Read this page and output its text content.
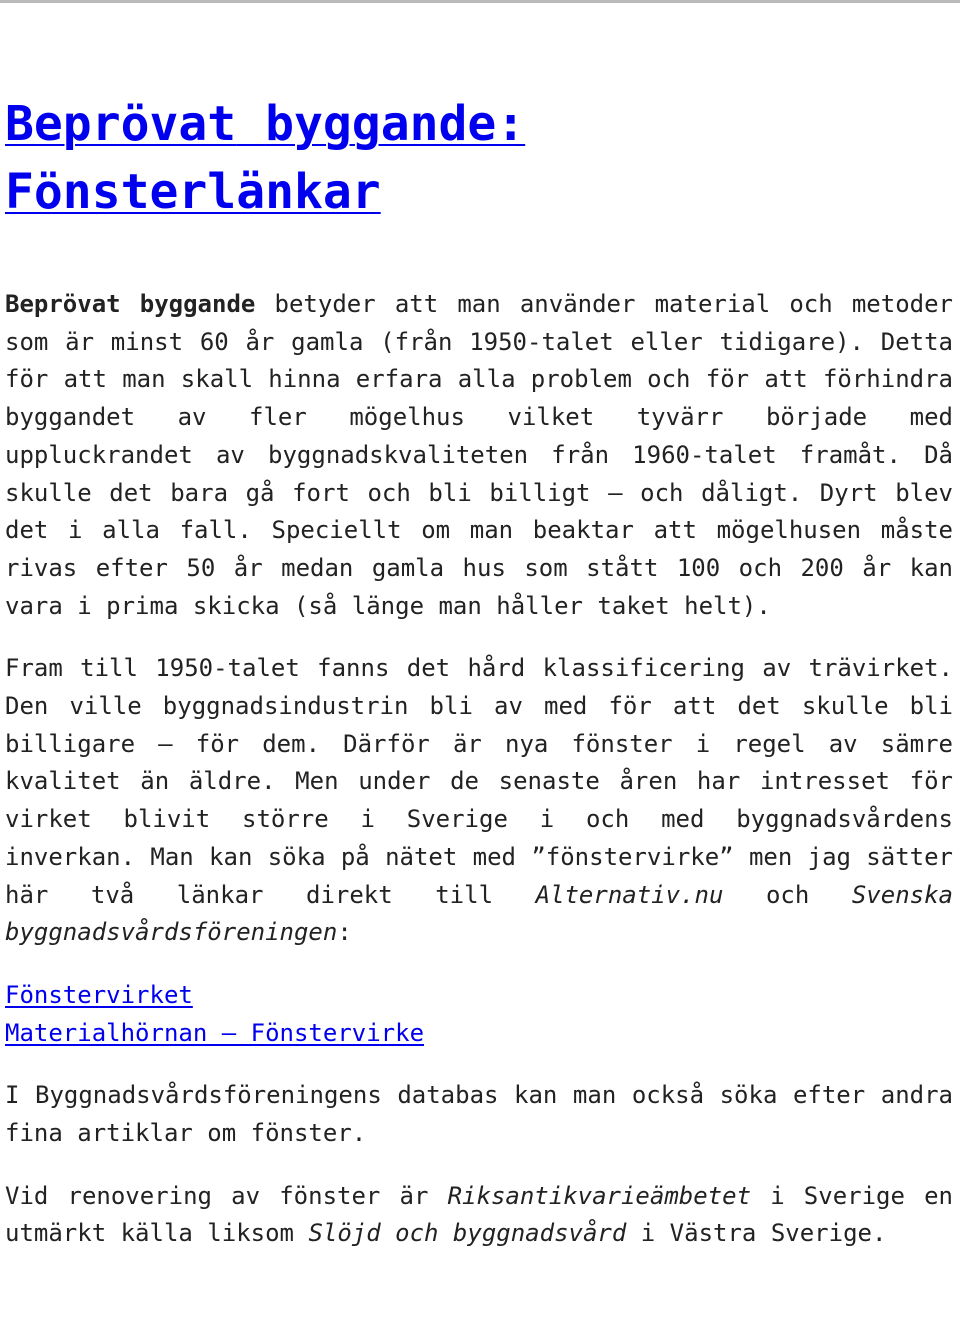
Beprövat byggande:
Fönsterlänkar

Beprövat byggande betyder att man använder material och metoder som är minst 60 år gamla (från 1950-talet eller tidigare). Detta för att man skall hinna erfara alla problem och för att förhindra byggandet av fler mögelhus vilket tyvärr började med uppluckrandet av byggnadskvaliteten från 1960-talet framåt. Då skulle det bara gå fort och bli billigt – och dåligt. Dyrt blev det i alla fall. Speciellt om man beaktar att mögelhusen måste rivas efter 50 år medan gamla hus som stått 100 och 200 år kan vara i prima skicka (så länge man håller taket helt).

Fram till 1950-talet fanns det hård klassificering av trävirket. Den ville byggnadsindustrin bli av med för att det skulle bli billigare – för dem. Därför är nya fönster i regel av sämre kvalitet än äldre. Men under de senaste åren har intresset för virket blivit större i Sverige i och med byggnadsvårdens inverkan. Man kan söka på nätet med ”fönstervirke” men jag sätter här två länkar direkt till Alternativ.nu och Svenska byggnadsvårdsföreningen:

Fönstervirket
Materialhörnan – Fönstervirke

I Byggnadsvårdsföreningens databas kan man också söka efter andra fina artiklar om fönster.

Vid renovering av fönster är Riksantikvarieämbetet i Sverige en utmärkt källa liksom Slöjd och byggnadsvård i Västra Sverige.
